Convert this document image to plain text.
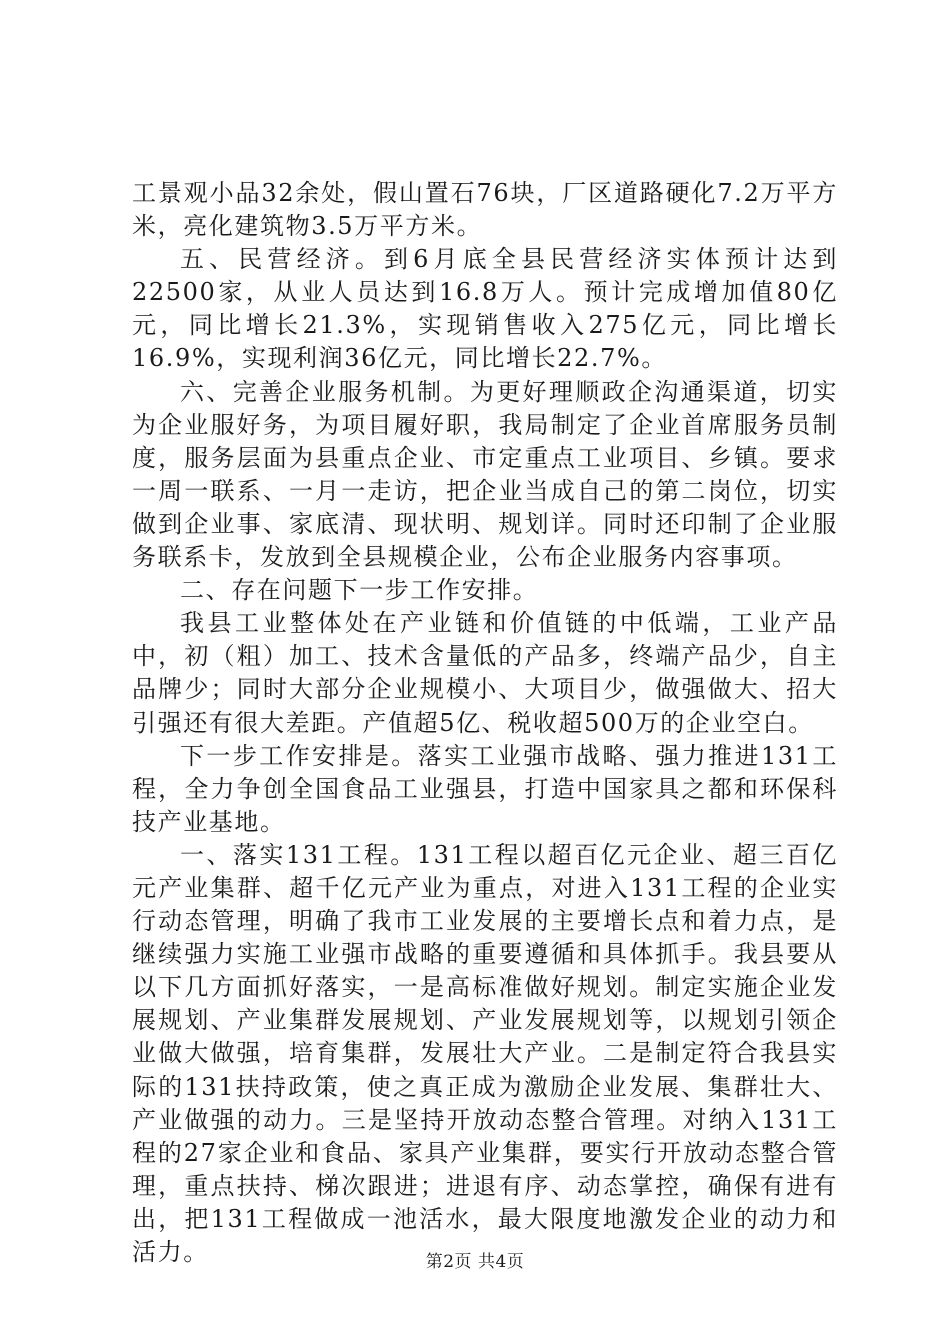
工景观小品32余处，假山置石76块，厂区道路硬化7.2万平方米，亮化建筑物3.5万平方米。

五、民营经济。到6月底全县民营经济实体预计达到22500家，从业人员达到16.8万人。预计完成增加值80亿元，同比增长21.3%，实现销售收入275亿元，同比增长16.9%，实现利润36亿元，同比增长22.7%。

六、完善企业服务机制。为更好理顺政企沟通渠道，切实为企业服好务，为项目履好职，我局制定了企业首席服务员制度，服务层面为县重点企业、市定重点工业项目、乡镇。要求一周一联系、一月一走访，把企业当成自己的第二岗位，切实做到企业事、家底清、现状明、规划详。同时还印制了企业服务联系卡，发放到全县规模企业，公布企业服务内容事项。

二、存在问题下一步工作安排。

我县工业整体处在产业链和价值链的中低端，工业产品中，初（粗）加工、技术含量低的产品多，终端产品少，自主品牌少；同时大部分企业规模小、大项目少，做强做大、招大引强还有很大差距。产值超5亿、税收超500万的企业空白。

下一步工作安排是。落实工业强市战略、强力推进131工程，全力争创全国食品工业强县，打造中国家具之都和环保科技产业基地。

一、落实131工程。131工程以超百亿元企业、超三百亿元产业集群、超千亿元产业为重点，对进入131工程的企业实行动态管理，明确了我市工业发展的主要增长点和着力点，是继续强力实施工业强市战略的重要遵循和具体抓手。我县要从以下几方面抓好落实，一是高标准做好规划。制定实施企业发展规划、产业集群发展规划、产业发展规划等，以规划引领企业做大做强，培育集群，发展壮大产业。二是制定符合我县实际的131扶持政策，使之真正成为激励企业发展、集群壮大、产业做强的动力。三是坚持开放动态整合管理。对纳入131工程的27家企业和食品、家具产业集群，要实行开放动态整合管理，重点扶持、梯次跟进；进退有序、动态掌控，确保有进有出，把131工程做成一池活水，最大限度地激发企业的动力和活力。	第2页 共4页
